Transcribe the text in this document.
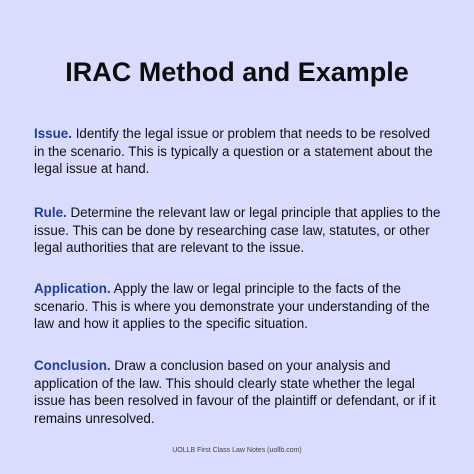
IRAC Method and Example

Issue. Identify the legal issue or problem that needs to be resolved in the scenario. This is typically a question or a statement about the legal issue at hand.

Rule. Determine the relevant law or legal principle that applies to the issue. This can be done by researching case law, statutes, or other legal authorities that are relevant to the issue.

Application. Apply the law or legal principle to the facts of the scenario. This is where you demonstrate your understanding of the law and how it applies to the specific situation.

Conclusion. Draw a conclusion based on your analysis and application of the law. This should clearly state whether the legal issue has been resolved in favour of the plaintiff or defendant, or if it remains unresolved.

UOLLB First Class Law Notes (uollb.com)
